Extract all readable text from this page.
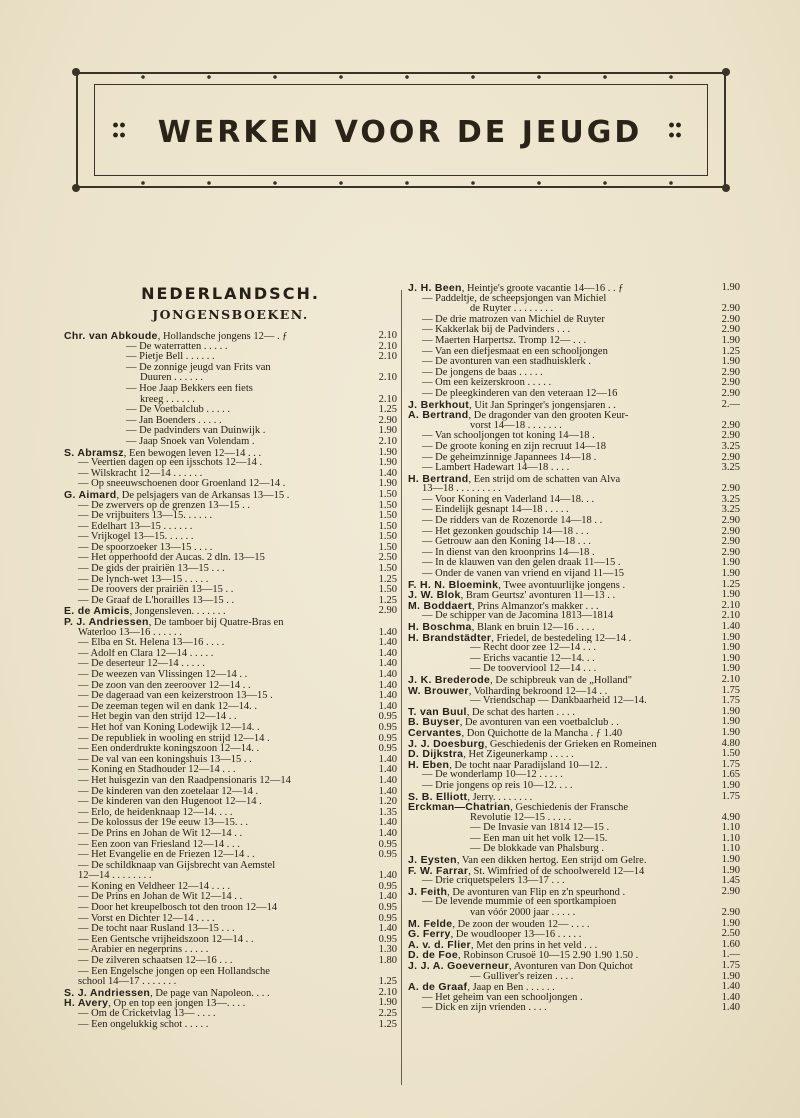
WERKEN VOOR DE JEUGD
NEDERLANDSCH.
JONGENSBOEKEN.
Chr. van Abkoude, Hollandsche jongens 12— . ƒ	2.10
— De waterratten . . . . .	2.10
— Pietje Bell . . . . . .	2.10
— De zonnige jeugd van Frits van
Duuren . . . . . .	2.10
— Hoe Jaap Bekkers een fiets
kreeg . . . . . .	2.10
— De Voetbalclub . . . . .	1.25
— Jan Boenders . . . . .	2.90
— De padvinders van Duinwijk .	1.90
— Jaap Snoek van Volendam .	2.10
S. Abramsz, Een bewogen leven 12—14 . . .	1.90
— Veertien dagen op een ijsschots 12—14 .	1.90
— Wilskracht 12—14 . . . . . .	1.40
— Op sneeuwschoenen door Groenland 12—14 .	1.90
G. Aimard, De pelsjagers van de Arkansas 13—15 .	1.50
— De zwervers op de grenzen 13—15 . .	1.50
— De vrijbuiters 13—15. . . . . .	1.50
— Edelhart 13—15 . . . . . .	1.50
— Vrijkogel 13—15. . . . . .	1.50
— De spoorzoeker 13—15 . . . .	1.50
— Het opperhoofd der Aucas. 2 dln. 13—15	2.50
— De gids der prairiën 13—15 . . .	1.50
— De lynch-wet 13—15 . . . . .	1.25
— De roovers der prairiën 13—15 . .	1.50
— De Graaf de L'horailles 13—15 . .	1.25
E. de Amicis, Jongensleven. . . . . . .	2.90
P. J. Andriessen, De tamboer bij Quatre-Bras en
Waterloo 13—16 . . . . . .	1.40
— Elba en St. Helena 13—16 . . . .	1.40
— Adolf en Clara 12—14 . . . . .	1.40
— De deserteur 12—14 . . . . .	1.40
— De weezen van Vlissingen 12—14 . .	1.40
— De zoon van den zeeroover 12—14 . .	1.40
— De dageraad van een keizerstroon 13—15 .	1.40
— De zeeman tegen wil en dank 12—14. .	1.40
— Het begin van den strijd 12—14 . .	0.95
— Het hof van Koning Lodewijk 12—14. .	0.95
— De republiek in wooling en strijd 12—14 .	0.95
— Een onderdrukte koningszoon 12—14. .	0.95
— De val van een koningshuis 13—15 . .	1.40
— Koning en Stadhouder 12—14 . . .	1.40
— Het huisgezin van den Raadpensionaris 12—14	1.40
— De kinderen van den zoetelaar 12—14 .	1.40
— De kinderen van den Hugenoot 12—14 .	1.20
— Erlo, de heidenknaap 12—14. . . .	1.35
— De kolossus der 19e eeuw 13—15. . .	1.40
— De Prins en Johan de Wit 12—14 . .	1.40
— Een zoon van Friesland 12—14 . . .	0.95
— Het Evangelie en de Friezen 12—14 . .	0.95
— De schildknaap van Gijsbrecht van Aemstel
12—14 . . . . . . . .	1.40
— Koning en Veldheer 12—14 . . . .	0.95
— De Prins en Johan de Wit 12—14 . .	1.40
— Door het kreupelbosch tot den troon 12—14	0.95
— Vorst en Dichter 12—14 . . . .	0.95
— De tocht naar Rusland 13—15 . . .	1.40
— Een Gentsche vrijheidszoon 12—14 . .	0.95
— Arabier en negerprins . . . . .	1.30
— De zilveren schaatsen 12—16 . . .	1.80
— Een Engelsche jongen op een Hollandsche
school 14—17 . . . . . . .	1.25
S. J. Andriessen, De page van Napoleon. . . .	2.10
H. Avery, Op en top een jongen 13—. . . .	1.90
— Om de Cricketvlag 13— . . . .	2.25
— Een ongelukkig schot . . . . .	1.25
J. H. Been, Heintje's groote vacantie 14—16 . . ƒ	1.90
— Paddeltje, de scheepsjongen van Michiel
de Ruyter . . . . . . . .	2.90
— De drie matrozen van Michiel de Ruyter	2.90
— Kakkerlak bij de Padvinders . . .	2.90
— Maerten Harpertsz. Tromp 12— . . .	1.90
— Van een diefjesmaat en een schooljongen	1.25
— De avonturen van een stadhuisklerk .	1.90
— De jongens de baas . . . . .	2.90
— Om een keizerskroon . . . . .	2.90
— De pleegkinderen van den veteraan 12—16	2.90
J. Berkhout, Uit Jan Springer's jongensjaren . .	2.—
A. Bertrand, De dragonder van den grooten Keur-
vorst 14—18 . . . . . . .	2.90
— Van schooljongen tot koning 14—18 .	2.90
— De groote koning en zijn recruut 14—18	3.25
— De geheimzinnige Japannees 14—18 .	2.90
— Lambert Hadewart 14—18 . . . .	3.25
H. Bertrand, Een strijd om de schatten van Alva
13—18 . . . . . . . . .	2.90
— Voor Koning en Vaderland 14—18. . .	3.25
— Eindelijk gesnapt 14—18 . . . . .	3.25
— De ridders van de Rozenorde 14—18 . .	2.90
— Het gezonken goudschip 14—18 . . .	2.90
— Getrouw aan den Koning 14—18 . . .	2.90
— In dienst van den kroonprins 14—18 .	2.90
— In de klauwen van den gelen draak 11—15 .	1.90
— Onder de vanen van vriend en vijand 11—15	1.90
F. H. N. Bloemink, Twee avontuurlijke jongens .	1.25
J. W. Blok, Bram Geurtsz' avonturen 11—13 . .	1.90
M. Boddaert, Prins Almanzor's makker . . .	2.10
— De schipper van de Jacomina 1813—1814	2.10
H. Boschma, Blank en bruin 12—16 . . . .	1.40
H. Brandstädter, Friedel, de bestedeling 12—14 .	1.90
— Recht door zee 12—14 . . .	1.90
— Erichs vacantie 12—14. . .	1.90
— De tooverviool 12—14 . . .	1.90
J. K. Brederode, De schipbreuk van de „Holland"	2.10
W. Brouwer, Volharding bekroond 12—14 . .	1.75
— Vriendschap — Dankbaarheid 12—14.	1.75
T. van Buul, De schat des harten . . . .	1.90
B. Buyser, De avonturen van een voetbalclub . .	1.90
Cervantes, Don Quichotte de la Mancha . ƒ 1.40	1.90
J. J. Doesburg, Geschiedenis der Grieken en Romeinen	4.80
D. Dijkstra, Het Zigeunerkamp . . . . .	1.50
H. Eben, De tocht naar Paradijsland 10—12. .	1.75
— De wonderlamp 10—12 . . . . .	1.65
— Drie jongens op reis 10—12. . . .	1.90
S. B. Elliott, Jerry. . . . . . . .	1.75
Erckman—Chatrian, Geschiedenis der Fransche
Revolutie 12—15 . . . . .	4.90
— De Invasie van 1814 12—15 .	1.10
— Een man uit het volk 12—15.	1.10
— De blokkade van Phalsburg .	1.10
J. Eysten, Van een dikken hertog. Een strijd om Gelre.	1.90
F. W. Farrar, St. Wimfried of de schoolwereld 12—14	1.90
— Drie criquetspelers 13—17 . . .	1.45
J. Feith, De avonturen van Flip en z'n speurhond .	2.90
— De levende mummie of een sportkampioen
van vóór 2000 jaar . . . . .	2.90
M. Felde, De zoon der wouden 12— . . . .	1.90
G. Ferry, De woudlooper 13—16 . . . . .	2.50
A. v. d. Flier, Met den prins in het veld . . .	1.60
D. de Foe, Robinson Crusoë 10—15 2.90 1.90 1.50 .	1.—
J. J. A. Goeverneur, Avonturen van Don Quichot	1.75
— Gulliver's reizen . . . .	1.90
A. de Graaf, Jaap en Ben . . . . . .	1.40
— Het geheim van een schooljongen .	1.40
— Dick en zijn vrienden . . . .	1.40
